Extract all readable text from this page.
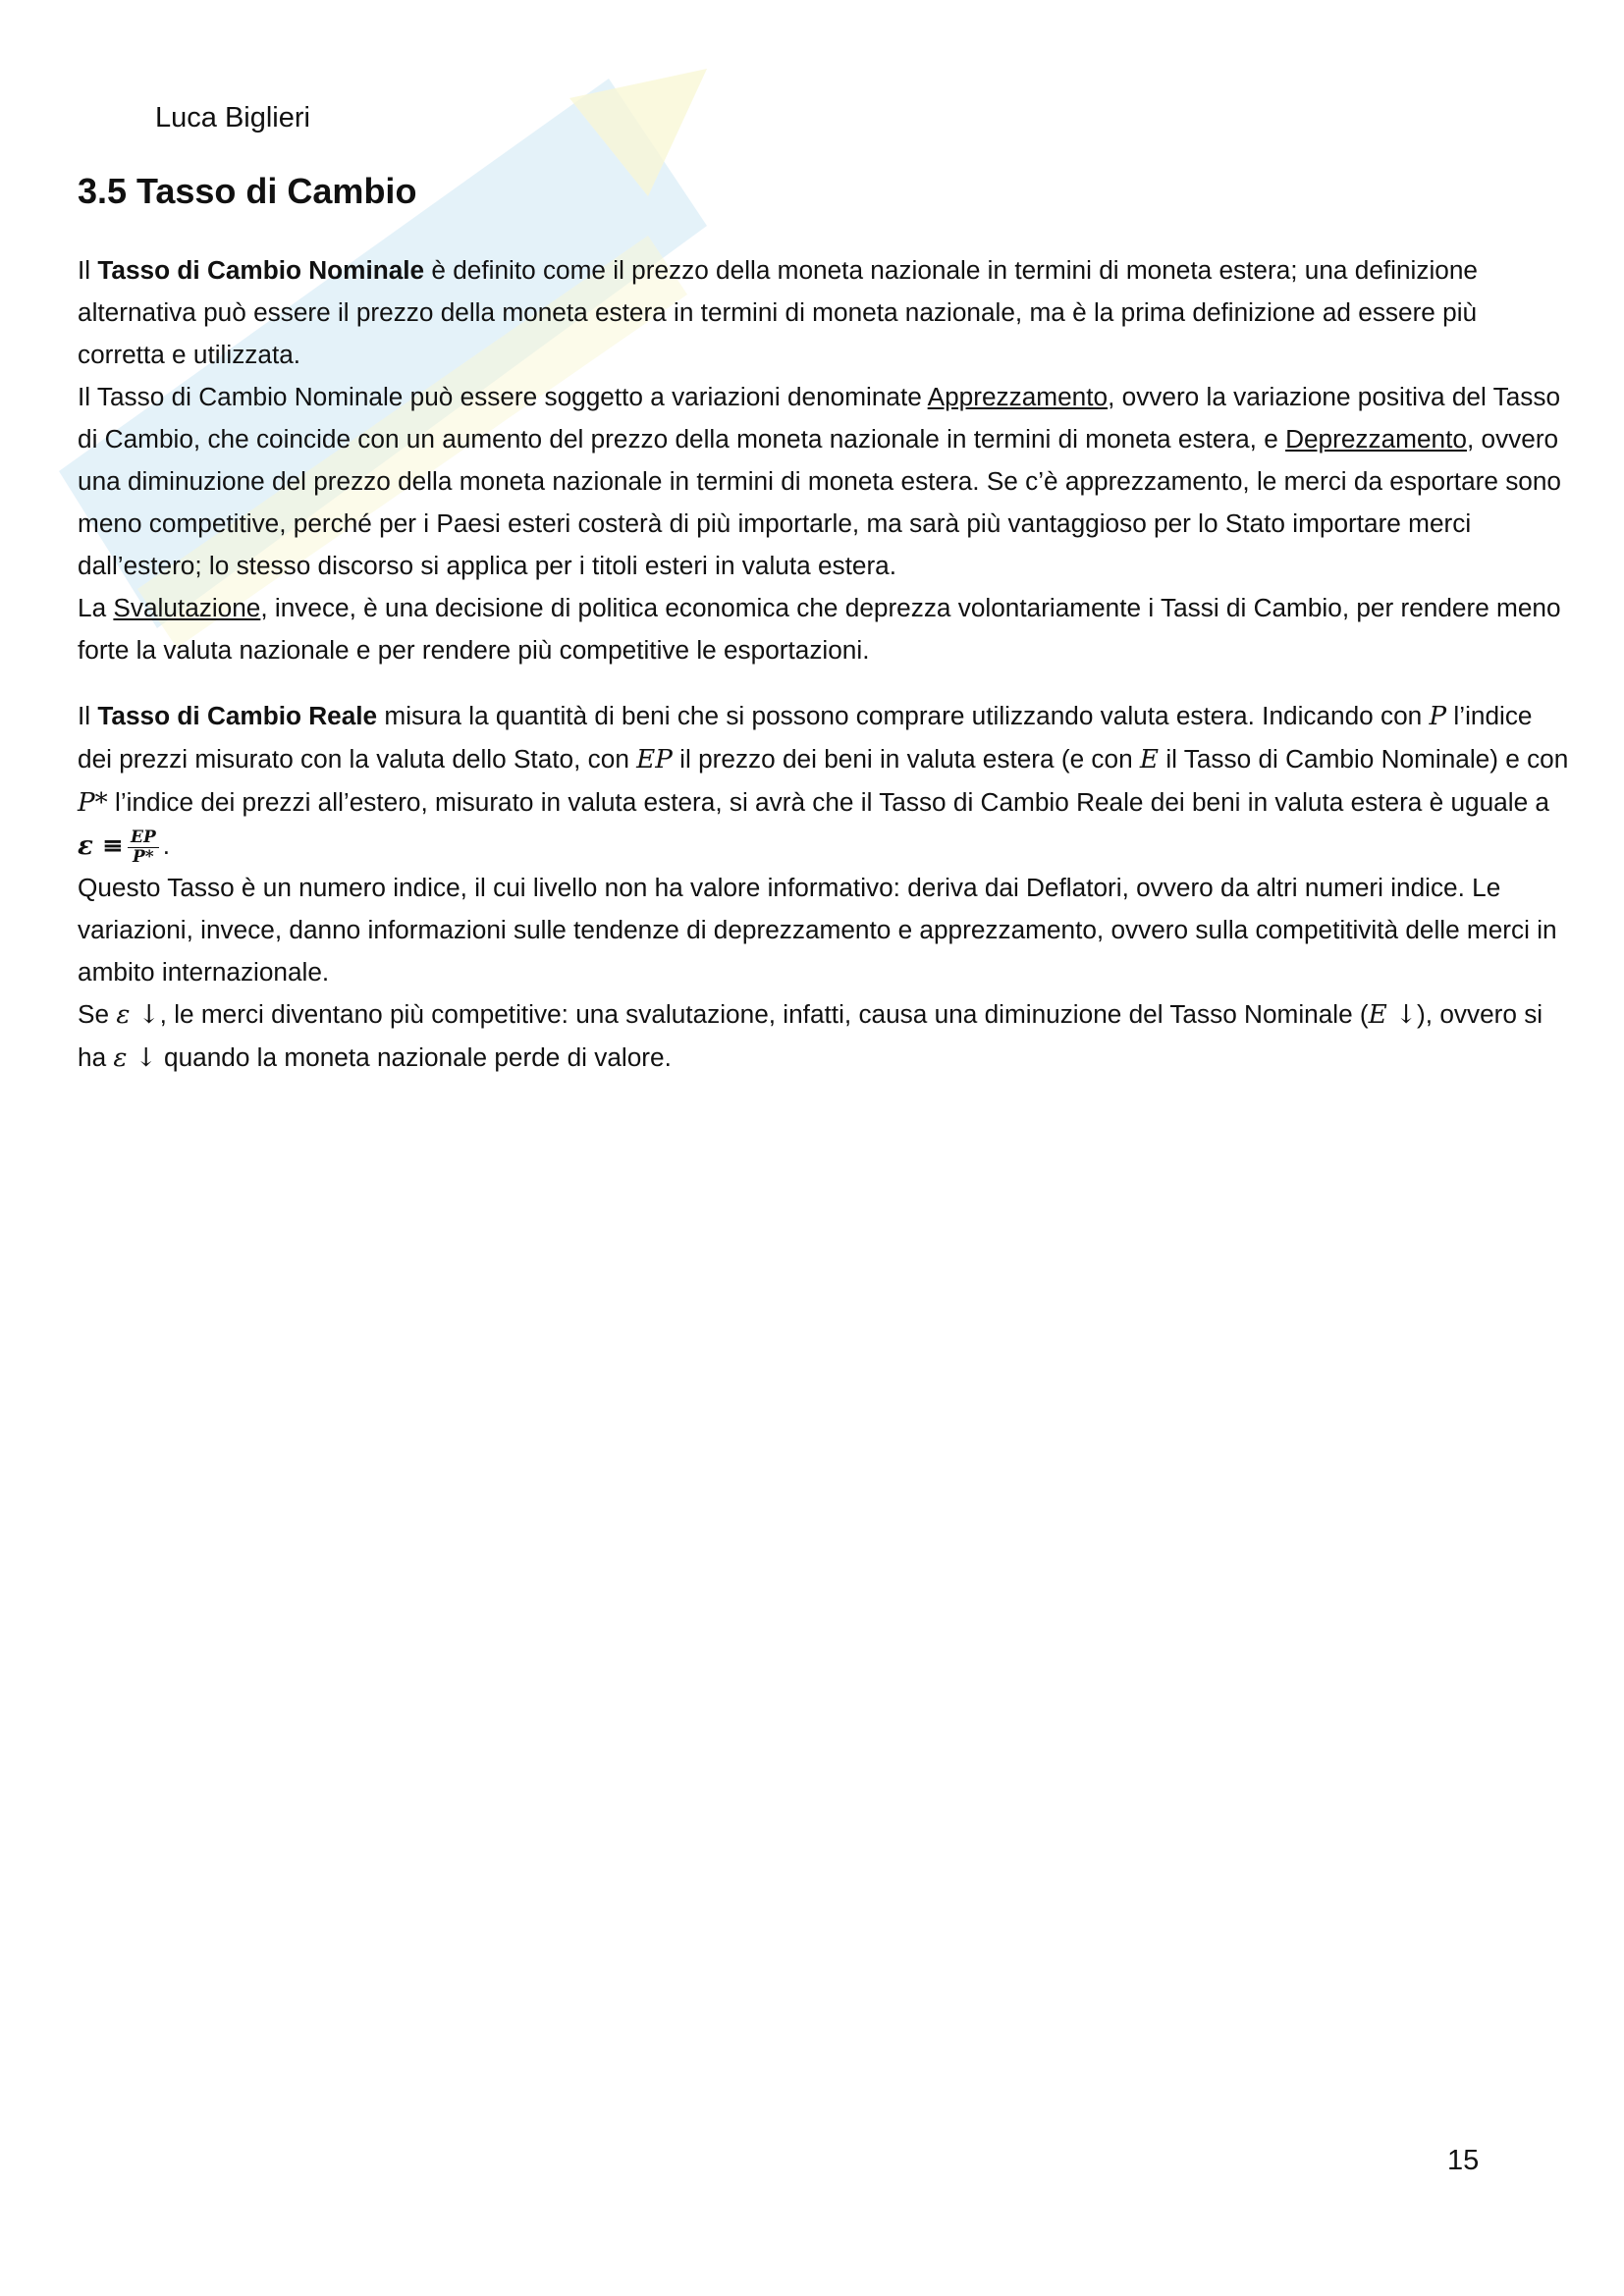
Luca Biglieri
3.5 Tasso di Cambio

Il Tasso di Cambio Nominale è definito come il prezzo della moneta nazionale in termini di moneta estera; una definizione alternativa può essere il prezzo della moneta estera in termini di moneta nazionale, ma è la prima definizione ad essere più corretta e utilizzata.

Il Tasso di Cambio Nominale può essere soggetto a variazioni denominate Apprezzamento, ovvero la variazione positiva del Tasso di Cambio, che coincide con un aumento del prezzo della moneta nazionale in termini di moneta estera, e Deprezzamento, ovvero una diminuzione del prezzo della moneta nazionale in termini di moneta estera. Se c’è apprezzamento, le merci da esportare sono meno competitive, perché per i Paesi esteri costerà di più importarle, ma sarà più vantaggioso per lo Stato importare merci dall’estero; lo stesso discorso si applica per i titoli esteri in valuta estera.

La Svalutazione, invece, è una decisione di politica economica che deprezza volontariamente i Tassi di Cambio, per rendere meno forte la valuta nazionale e per rendere più competitive le esportazioni.

Il Tasso di Cambio Reale misura la quantità di beni che si possono comprare utilizzando valuta estera. Indicando con P l’indice dei prezzi misurato con la valuta dello Stato, con EP il prezzo dei beni in valuta estera (e con E il Tasso di Cambio Nominale) e con P* l’indice dei prezzi all’estero, misurato in valuta estera, si avrà che il Tasso di Cambio Reale dei beni in valuta estera è uguale a $\varepsilon \equiv \frac{EP}{P*}$ .

Questo Tasso è un numero indice, il cui livello non ha valore informativo: deriva dai Deflatori, ovvero da altri numeri indice. Le variazioni, invece, danno informazioni sulle tendenze di deprezzamento e apprezzamento, ovvero sulla competitività delle merci in ambito internazionale.

Se ε ↓, le merci diventano più competitive: una svalutazione, infatti, causa una diminuzione del Tasso Nominale (E ↓), ovvero si ha ε ↓ quando la moneta nazionale perde di valore.

15
